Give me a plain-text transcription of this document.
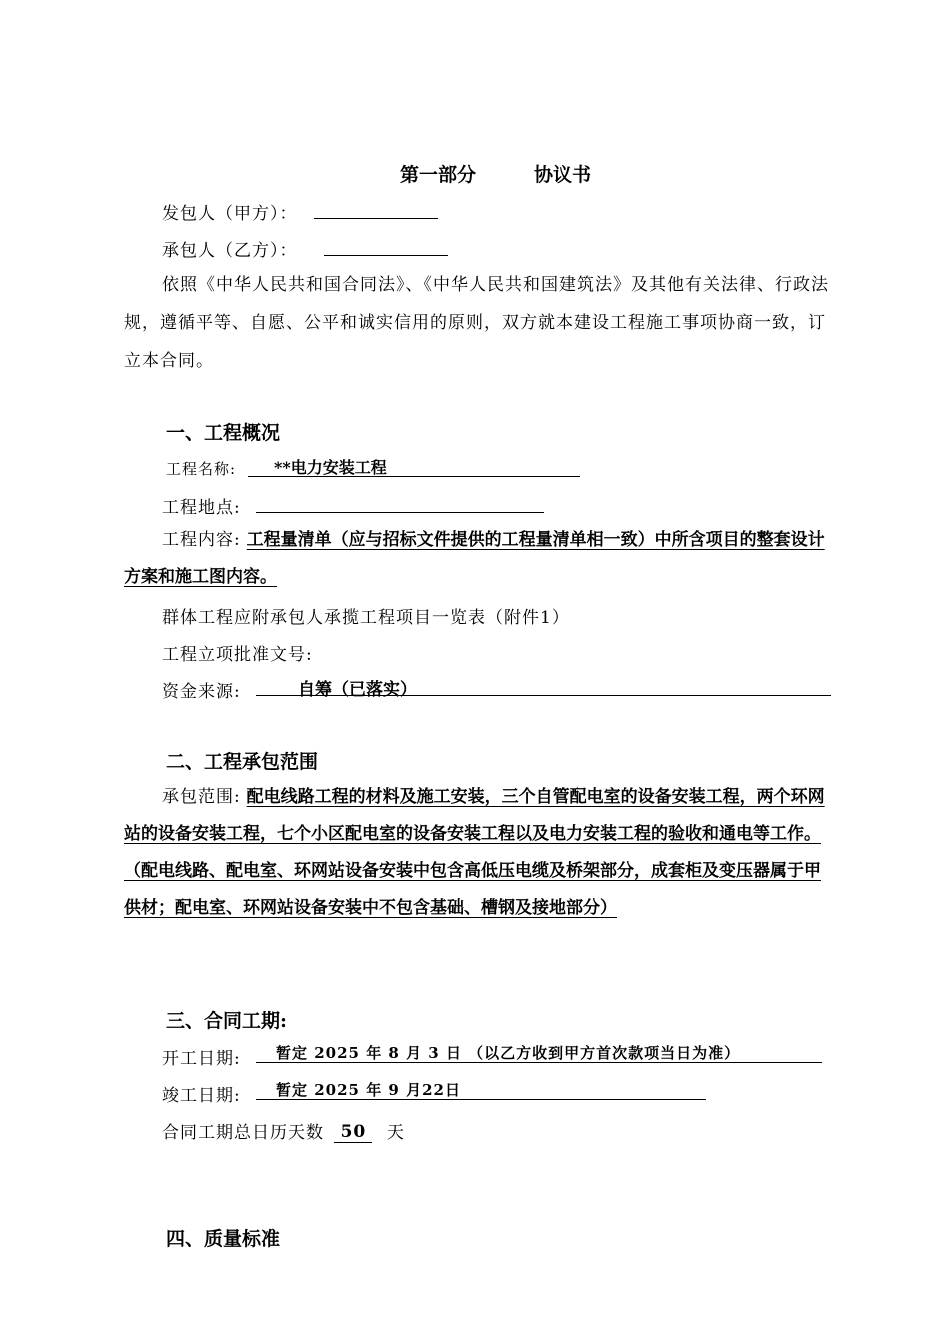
第一部分	协议书
发包人（甲方）：
承包人（乙方）：
依照《中华人民共和国合同法》、《中华人民共和国建筑法》及其他有关法律、行政法规，遵循平等、自愿、公平和诚实信用的原则，双方就本建设工程施工事项协商一致，订立本合同。
一、工程概况
工程名称: **电力安装工程
工程地点:
工程内容: 工程量清单（应与招标文件提供的工程量清单相一致）中所含项目的整套设计方案和施工图内容。
群体工程应附承包人承揽工程项目一览表（附件1）
工程立项批准文号:
资金来源:	自筹（已落实）
二、工程承包范围
承包范围: 配电线路工程的材料及施工安装，三个自管配电室的设备安装工程，两个环网站的设备安装工程，七个小区配电室的设备安装工程以及电力安装工程的验收和通电等工作。（配电线路、配电室、环网站设备安装中包含高低压电缆及桥架部分，成套柜及变压器属于甲供材；配电室、环网站设备安装中不包含基础、槽钢及接地部分）
三、合同工期:
开工日期: 暂定 2025 年 8 月 3 日 （以乙方收到甲方首次款项当日为准）
竣工日期: 暂定 2025 年 9 月22日
合同工期总日历天数 50 天
四、质量标准
